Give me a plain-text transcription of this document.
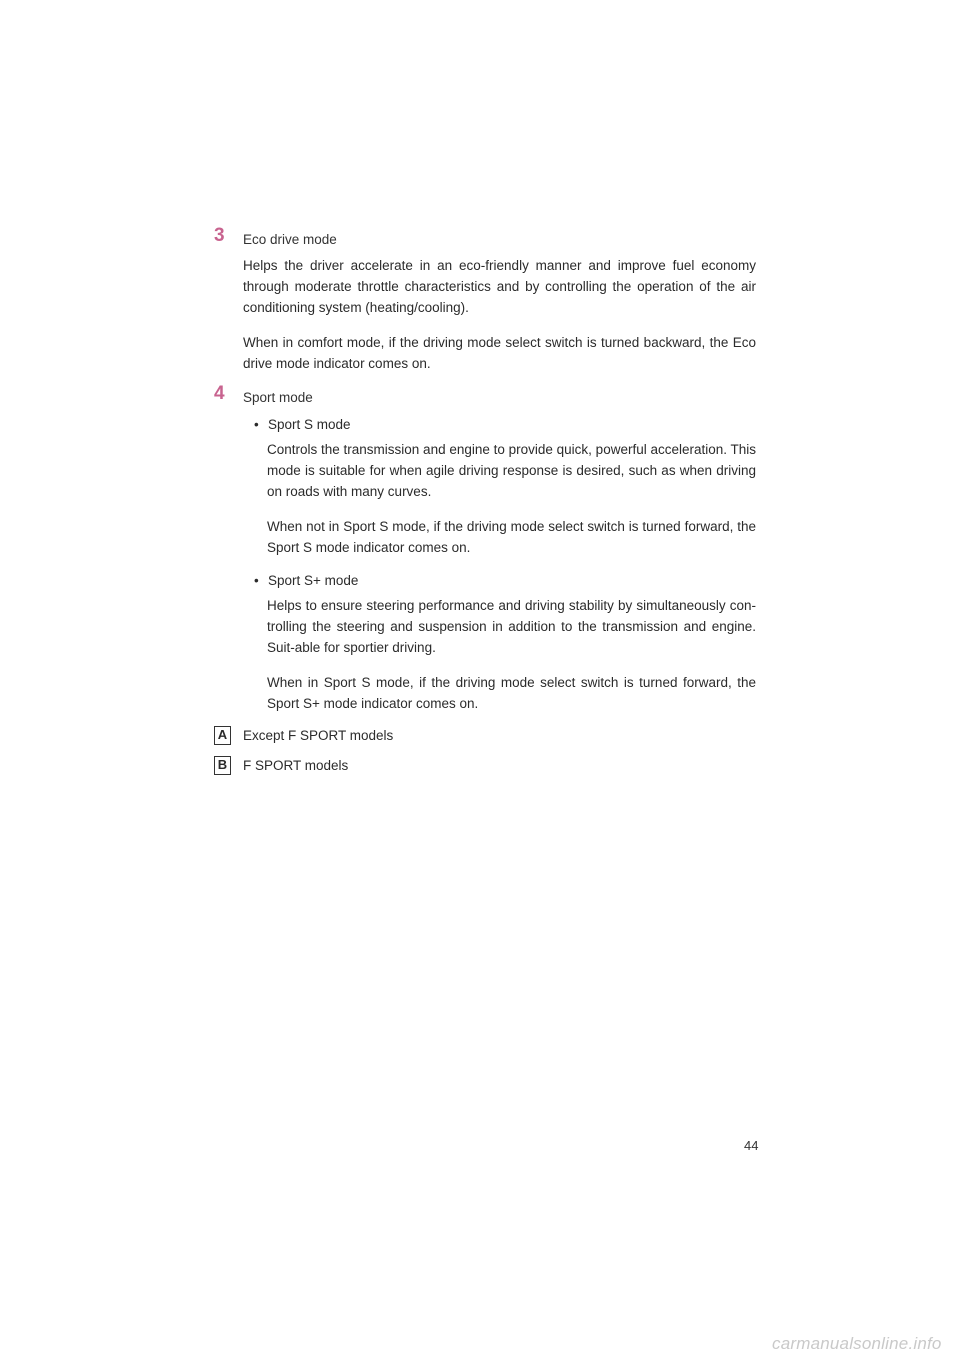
3	Eco drive mode

Helps the driver accelerate in an eco-friendly manner and improve fuel economy through moderate throttle characteristics and by controlling the operation of the air conditioning system (heating/cooling).

When in comfort mode, if the driving mode select switch is turned backward, the Eco drive mode indicator comes on.

4	Sport mode
• Sport S mode

Controls the transmission and engine to provide quick, powerful acceleration. This mode is suitable for when agile driving response is desired, such as when driving on roads with many curves.

When not in Sport S mode, if the driving mode select switch is turned forward, the Sport S mode indicator comes on.

• Sport S+ mode

Helps to ensure steering performance and driving stability by simultaneously con-trolling the steering and suspension in addition to the transmission and engine. Suit-able for sportier driving.

When in Sport S mode, if the driving mode select switch is turned forward, the Sport S+ mode indicator comes on.

A Except F SPORT models
B F SPORT models
44
carmanualsonline.info
